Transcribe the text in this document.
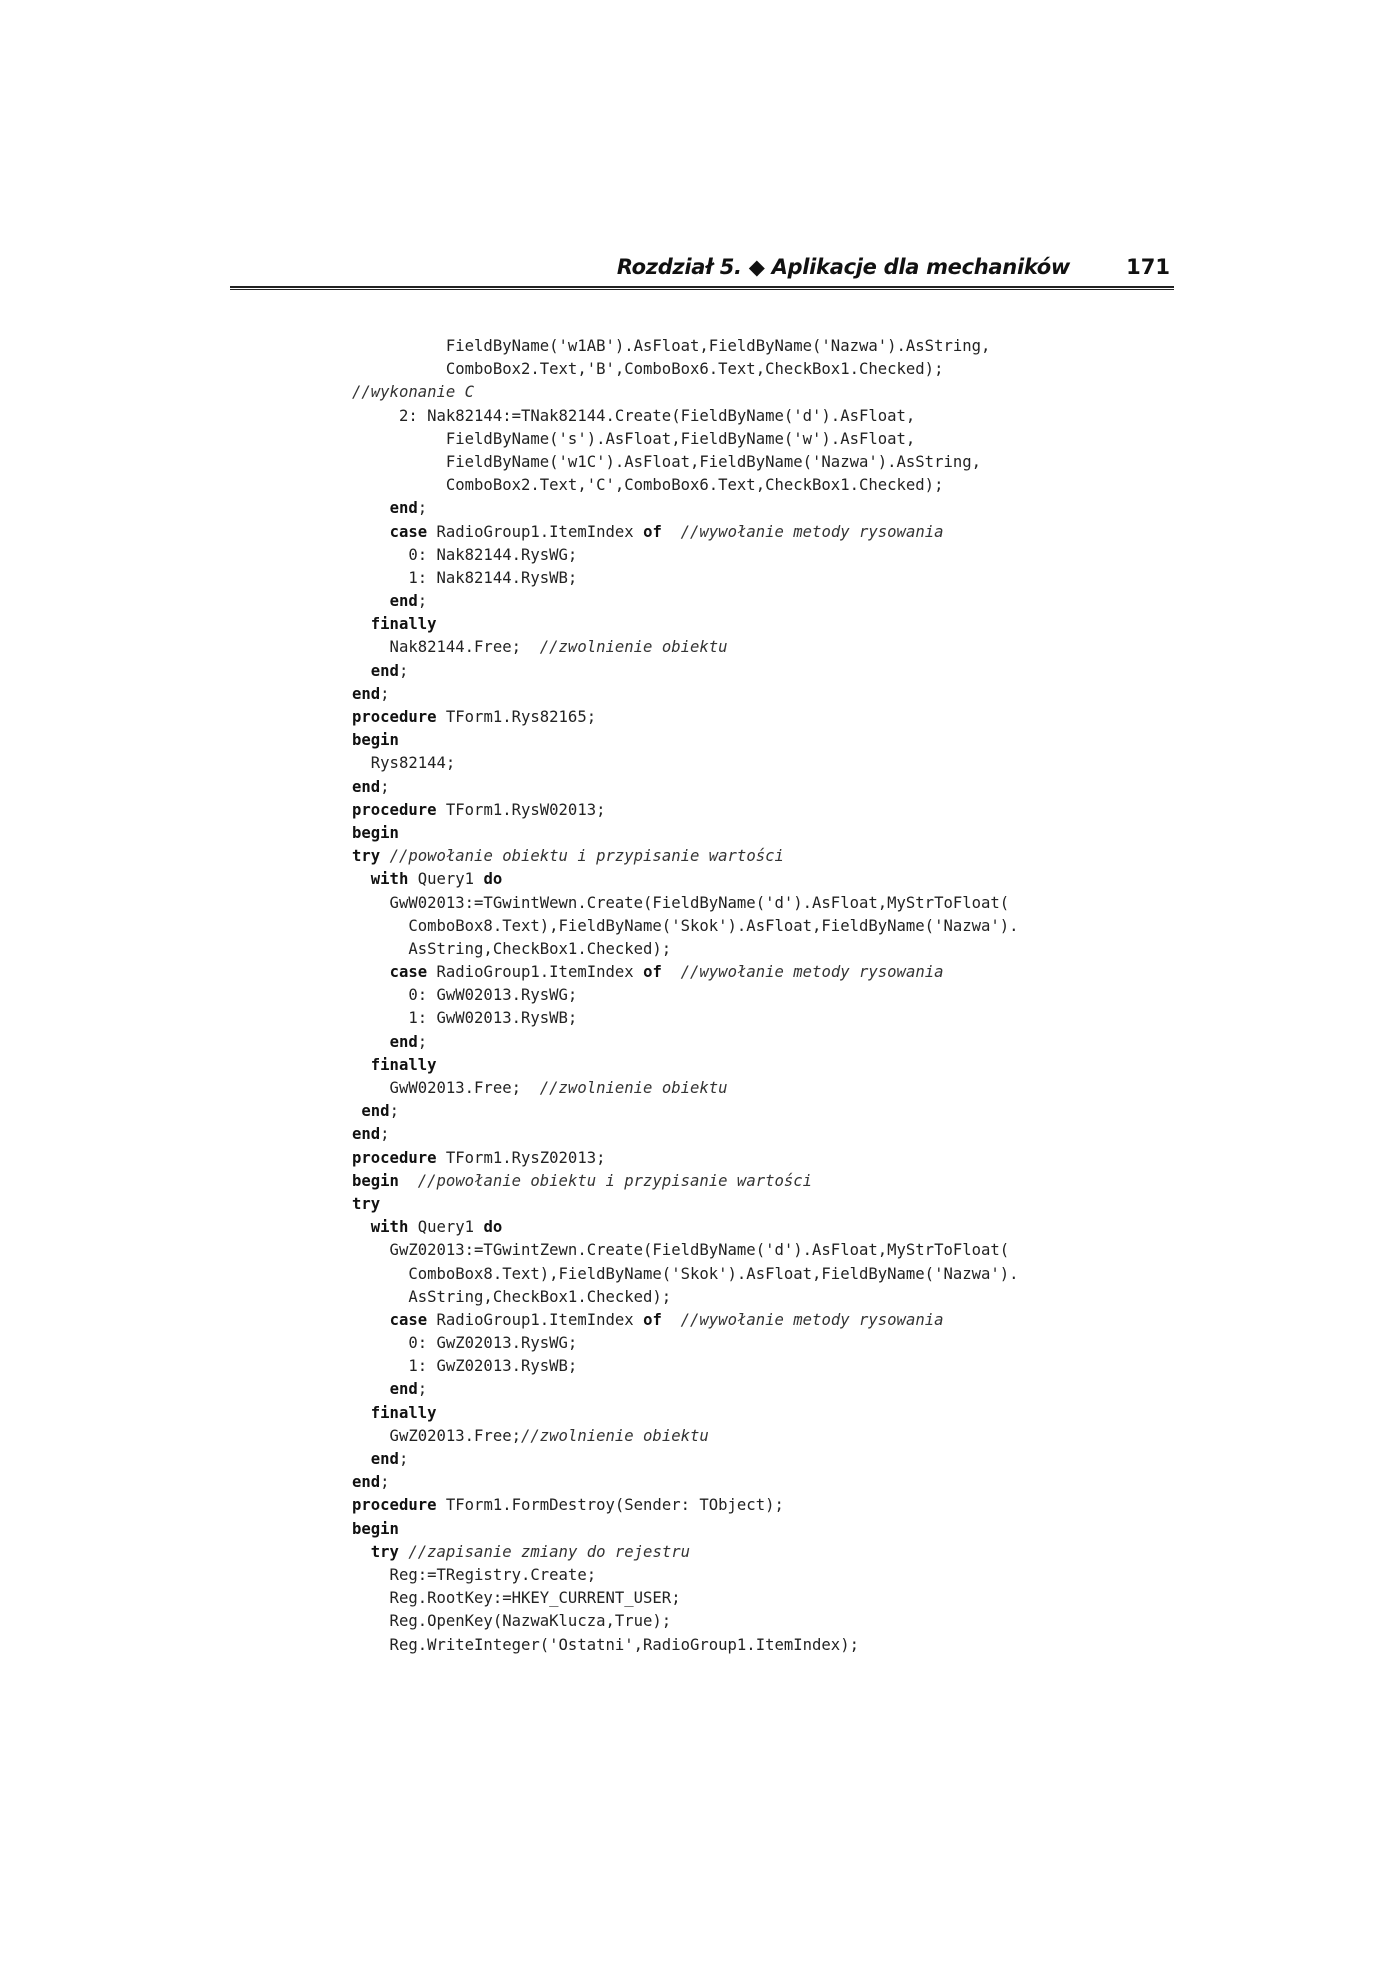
Rozdział 5. ◆ Aplikacje dla mechaników	171
FieldByName('w1AB').AsFloat,FieldByName('Nazwa').AsString,
ComboBox2.Text,'B',ComboBox6.Text,CheckBox1.Checked);
//wykonanie C
2: Nak82144:=TNak82144.Create(FieldByName('d').AsFloat,
FieldByName('s').AsFloat,FieldByName('w').AsFloat,
FieldByName('w1C').AsFloat,FieldByName('Nazwa').AsString,
ComboBox2.Text,'C',ComboBox6.Text,CheckBox1.Checked);
end;
case RadioGroup1.ItemIndex of //wywołanie metody rysowania
0: Nak82144.RysWG;
1: Nak82144.RysWB;
end;
finally
Nak82144.Free;  //zwolnienie obiektu
end;
end;
procedure TForm1.Rys82165;
begin
Rys82144;
end;
procedure TForm1.RysW02013;
begin
try //powołanie obiektu i przypisanie wartości
with Query1 do
GwW02013:=TGwintWewn.Create(FieldByName('d').AsFloat,MyStrToFloat(
ComboBox8.Text),FieldByName('Skok').AsFloat,FieldByName('Nazwa').
AsString,CheckBox1.Checked);
case RadioGroup1.ItemIndex of //wywołanie metody rysowania
0: GwW02013.RysWG;
1: GwW02013.RysWB;
end;
finally
GwW02013.Free;  //zwolnienie obiektu
end;
end;
procedure TForm1.RysZ02013;
begin //powołanie obiektu i przypisanie wartości
try
with Query1 do
GwZ02013:=TGwintZewn.Create(FieldByName('d').AsFloat,MyStrToFloat(
ComboBox8.Text),FieldByName('Skok').AsFloat,FieldByName('Nazwa').
AsString,CheckBox1.Checked);
case RadioGroup1.ItemIndex of //wywołanie metody rysowania
0: GwZ02013.RysWG;
1: GwZ02013.RysWB;
end;
finally
GwZ02013.Free;//zwolnienie obiektu
end;
end;
procedure TForm1.FormDestroy(Sender: TObject);
begin
try //zapisanie zmiany do rejestru
Reg:=TRegistry.Create;
Reg.RootKey:=HKEY_CURRENT_USER;
Reg.OpenKey(NazwaKlucza,True);
Reg.WriteInteger('Ostatni',RadioGroup1.ItemIndex);
